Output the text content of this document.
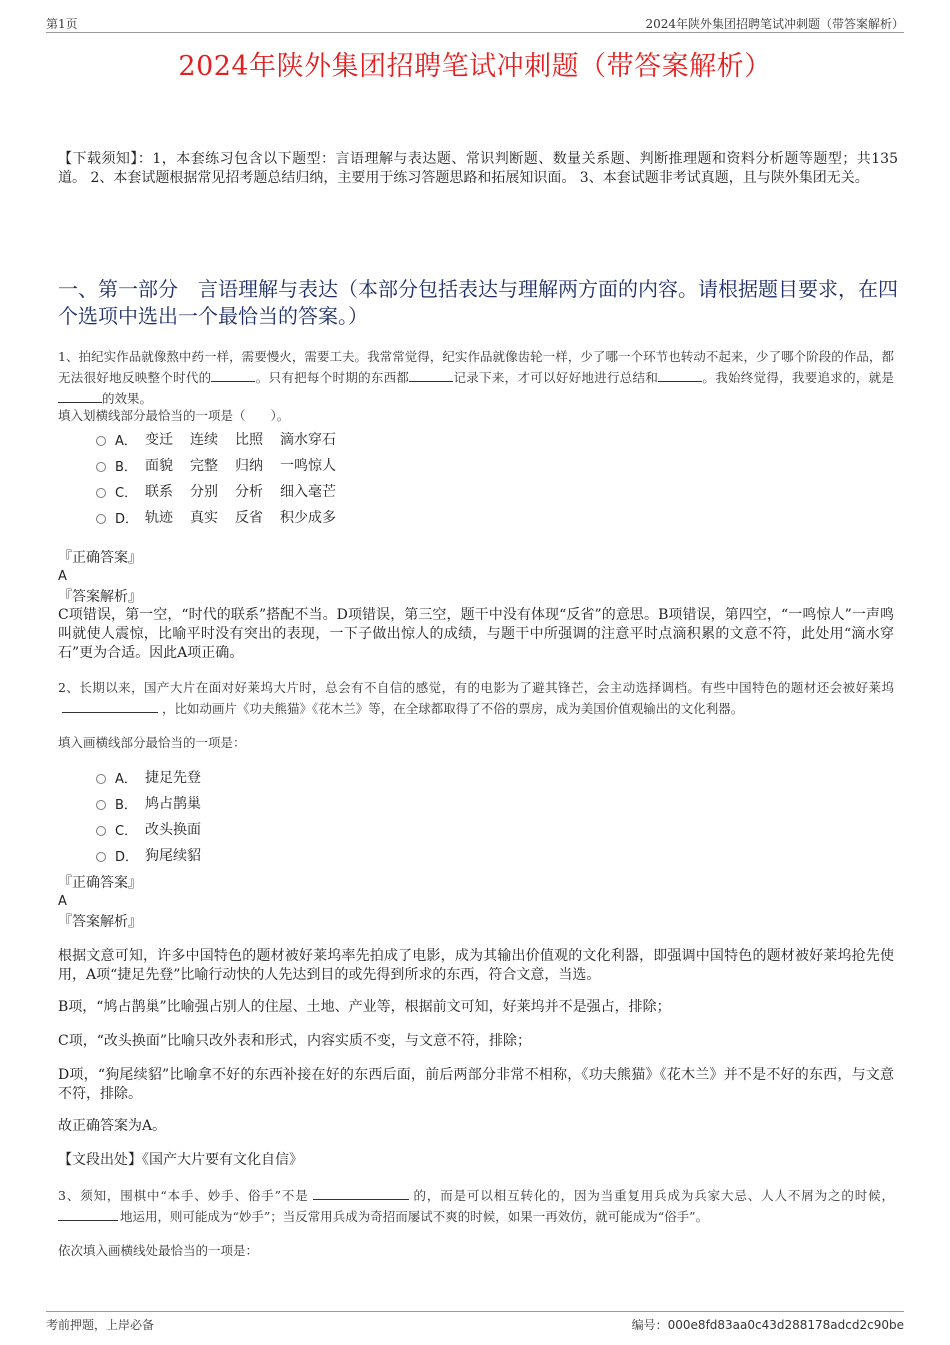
第1页	2024年陕外集团招聘笔试冲刺题（带答案解析）
2024年陕外集团招聘笔试冲刺题（带答案解析）
【下载须知】：1，本套练习包含以下题型：言语理解与表达题、常识判断题、数量关系题、判断推理题和资料分析题等题型；共135道。 2、本套试题根据常见招考题总结归纳，主要用于练习答题思路和拓展知识面。 3、本套试题非考试真题，且与陕外集团无关。
一、第一部分　言语理解与表达（本部分包括表达与理解两方面的内容。请根据题目要求，在四个选项中选出一个最恰当的答案。）
1、拍纪实作品就像熬中药一样，需要慢火，需要工夫。我常常觉得，纪实作品就像齿轮一样，少了哪一个环节也转动不起来，少了哪个阶段的作品，都无法很好地反映整个时代的	。只有把每个时期的东西都	记录下来，才可以好好地进行总结和	。我始终觉得，我要追求的，就是的效果。
填入划横线部分最恰当的一项是（　　）。
A． 变迁 连续 比照 滴水穿石
B． 面貌 完整 归纳 一鸣惊人
C． 联系 分别 分析 细入毫芒
D． 轨迹 真实 反省 积少成多
『正确答案』
A
『答案解析』
C项错误，第一空，“时代的联系”搭配不当。D项错误，第三空，题干中没有体现“反省”的意思。B项错误，第四空，“一鸣惊人”一声鸣叫就使人震惊，比喻平时没有突出的表现，一下子做出惊人的成绩，与题干中所强调的注意平时点滴积累的文意不符，此处用“滴水穿石”更为合适。因此A项正确。
2、长期以来，国产大片在面对好莱坞大片时，总会有不自信的感觉，有的电影为了避其锋芒，会主动选择调档。有些中国特色的题材还会被好莱坞，比如动画片《功夫熊猫》《花木兰》等，在全球都取得了不俗的票房，成为美国价值观输出的文化利器。
填入画横线部分最恰当的一项是：
A． 捷足先登
B． 鸠占鹊巢
C． 改头换面
D． 狗尾续貂
『正确答案』
A
『答案解析』
根据文意可知，许多中国特色的题材被好莱坞率先拍成了电影，成为其输出价值观的文化利器，即强调中国特色的题材被好莱坞抢先使用，A项“捷足先登”比喻行动快的人先达到目的或先得到所求的东西，符合文意，当选。
B项，“鸠占鹊巢”比喻强占别人的住屋、土地、产业等，根据前文可知，好莱坞并不是强占，排除；
C项，“改头换面”比喻只改外表和形式，内容实质不变，与文意不符，排除；
D项，“狗尾续貂”比喻拿不好的东西补接在好的东西后面，前后两部分非常不相称，《功夫熊猫》《花木兰》并不是不好的东西，与文意不符，排除。
故正确答案为A。
【文段出处】《国产大片要有文化自信》
3、须知，围棋中“本手、妙手、俗手”不是	的，而是可以相互转化的，因为当重复用兵成为兵家大忌、人人不屑为之的时候，地运用，则可能成为“妙手”；当反常用兵成为奇招而屡试不爽的时候，如果一再效仿，就可能成为“俗手”。
依次填入画横线处最恰当的一项是：
考前押题，上岸必备	编号：000e8fd83aa0c43d288178adcd2c90be
